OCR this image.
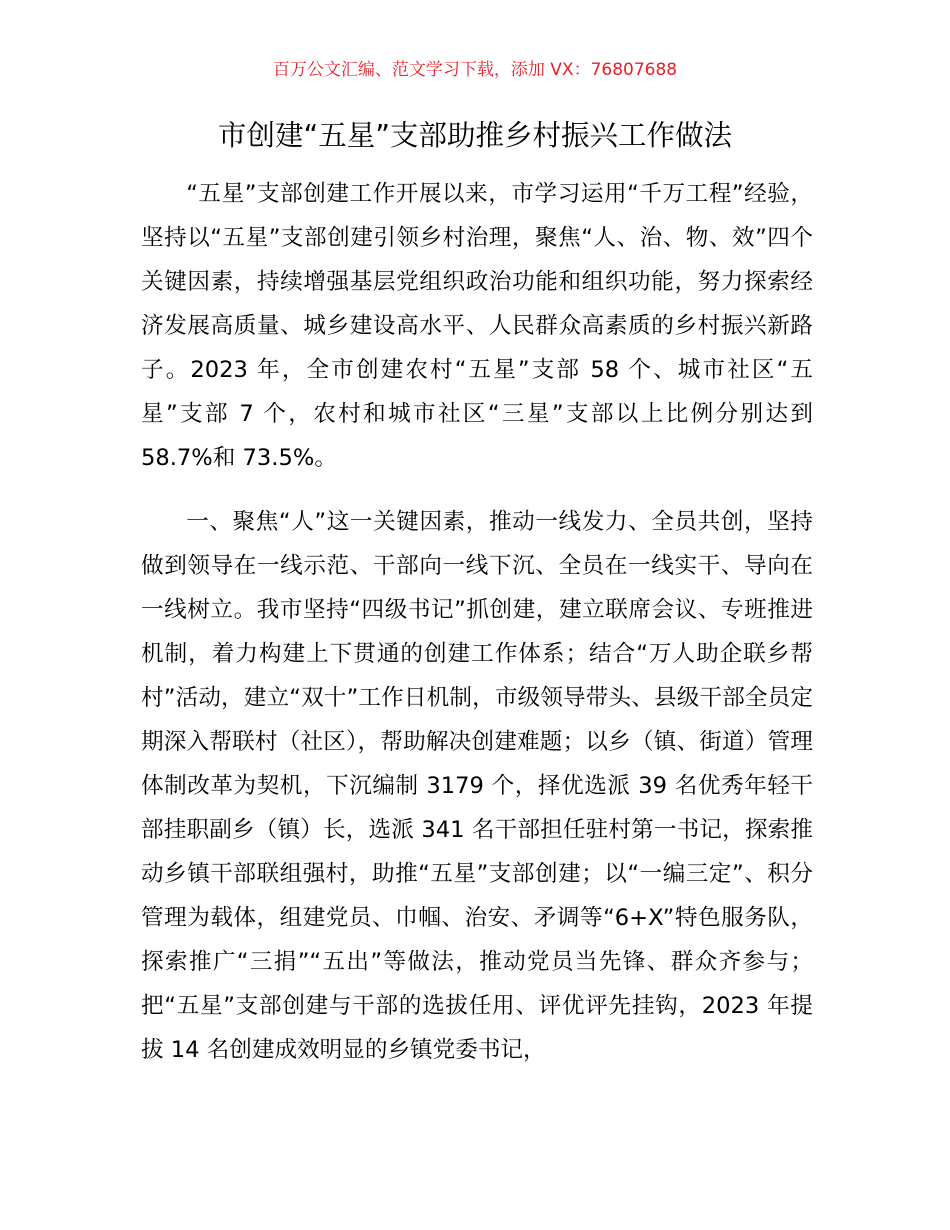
百万公文汇编、范文学习下载，添加 VX：76807688
市创建“五星”支部助推乡村振兴工作做法

“五星”支部创建工作开展以来，市学习运用“千万工程”经验，坚持以“五星”支部创建引领乡村治理，聚焦“人、治、物、效”四个关键因素，持续增强基层党组织政治功能和组织功能，努力探索经济发展高质量、城乡建设高水平、人民群众高素质的乡村振兴新路子。2023 年，全市创建农村“五星”支部 58 个、城市社区“五星”支部 7 个，农村和城市社区“三星”支部以上比例分别达到 58.7%和 73.5%。

一、聚焦“人”这一关键因素，推动一线发力、全员共创，坚持做到领导在一线示范、干部向一线下沉、全员在一线实干、导向在一线树立。我市坚持“四级书记”抓创建，建立联席会议、专班推进机制，着力构建上下贯通的创建工作体系；结合“万人助企联乡帮村”活动，建立“双十”工作日机制，市级领导带头、县级干部全员定期深入帮联村（社区），帮助解决创建难题；以乡（镇、街道）管理体制改革为契机，下沉编制 3179 个，择优选派 39 名优秀年轻干部挂职副乡（镇）长，选派 341 名干部担任驻村第一书记，探索推动乡镇干部联组强村，助推“五星”支部创建；以“一编三定”、积分管理为载体，组建党员、巾帼、治安、矛调等“6+X”特色服务队，探索推广“三捐”“五出”等做法，推动党员当先锋、群众齐参与；把“五星”支部创建与干部的选拔任用、评优评先挂钩，2023 年提拔 14 名创建成效明显的乡镇党委书记，
